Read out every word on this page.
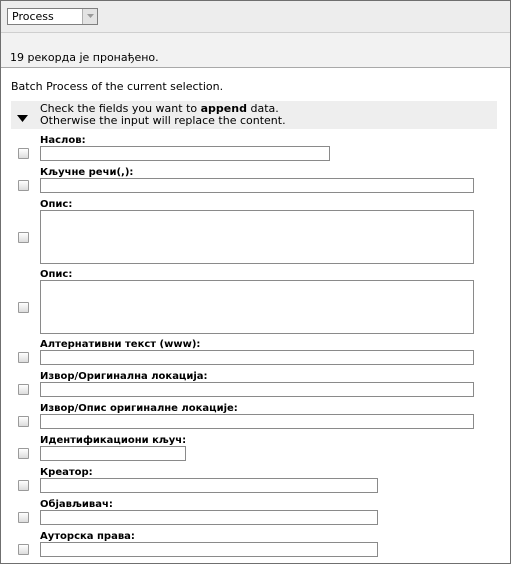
Process
19 рекорда је пронађено.
Batch Process of the current selection.
Check the fields you want to append data.
Otherwise the input will replace the content.
Наслов:
Кључне речи(,):
Опис:
Опис:
Алтернативни текст (www):
Извор/Оригинална локација:
Извор/Опис оригиналне локације:
Идентификациони кључ:
Креатор:
Објављивач:
Ауторска права:
